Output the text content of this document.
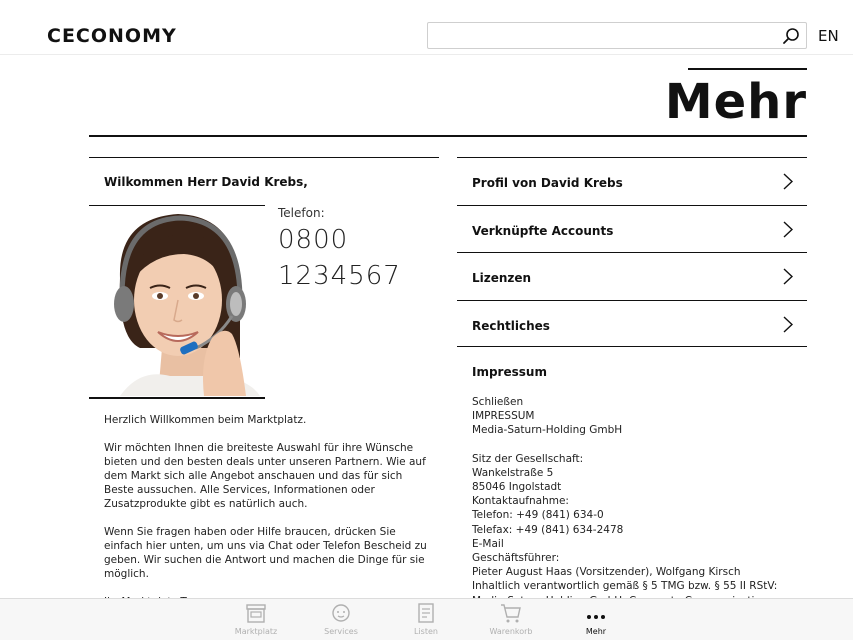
CECONOMY	EN
Mehr
Wilkommen Herr David Krebs,
Telefon:
0800
1234567

Herzlich Willkommen beim Marktplatz.

Wir möchten Ihnen die breiteste Auswahl für ihre Wünsche bieten und den besten deals unter unseren Partnern. Wie auf dem Markt sich alle Angebot anschauen und das für sich Beste aussuchen. Alle Services, Informationen oder Zusatzprodukte gibt es natürlich auch.

Wenn Sie fragen haben oder Hilfe braucen, drücken Sie einfach hier unten, um uns via Chat oder Telefon Bescheid zu geben. Wir suchen die Antwort und machen die Dinge für sie möglich.

Profil von David Krebs
Verknüpfte Accounts
Lizenzen
Rechtliches
Impressum
Schließen
IMPRESSUM
Media-Saturn-Holding GmbH
Sitz der Gesellschaft:
Wankelstraße 5
85046 Ingolstadt
Kontaktaufnahme:
Telefon: +49 (841) 634-0
Telefax: +49 (841) 634-2478
E-Mail
Geschäftsführer:
Pieter August Haas (Vorsitzender), Wolfgang Kirsch
Inhaltlich verantwortlich gemäß § 5 TMG bzw. § 55 II RStV:
Marktplatz	Services	Listen	Warenkorb	Mehr
